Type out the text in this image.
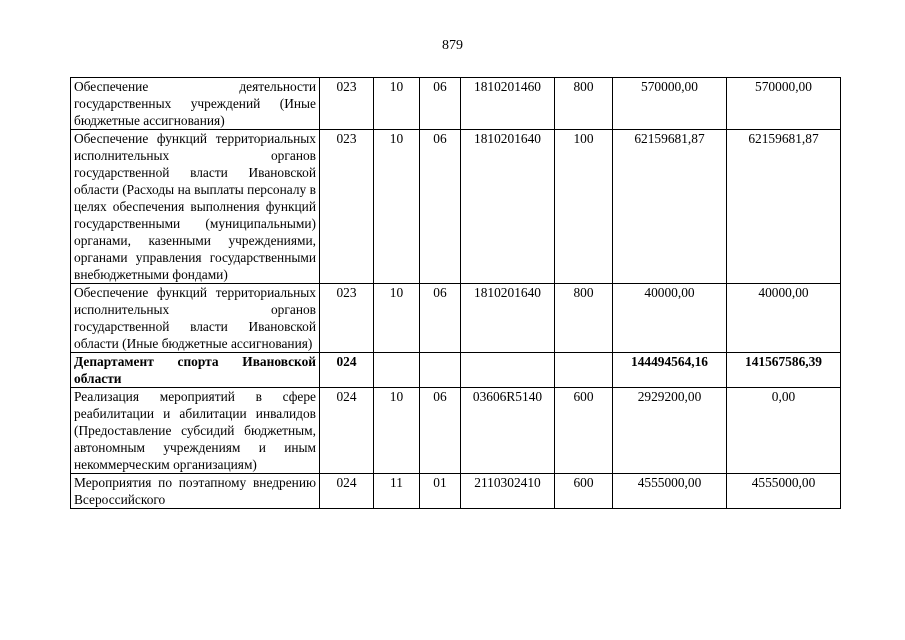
879
Обеспечение деятельности государственных учреждений (Иные бюджетные ассигнования)	023	10	06	1810201460	800	570000,00	570000,00
Обеспечение функций территориальных исполнительных органов государственной власти Ивановской области (Расходы на выплаты персоналу в целях обеспечения выполнения функций государственными (муниципальными) органами, казенными учреждениями, органами управления государственными внебюджетными фондами)	023	10	06	1810201640	100	62159681,87	62159681,87
Обеспечение функций территориальных исполнительных органов государственной власти Ивановской области (Иные бюджетные ассигнования)	023	10	06	1810201640	800	40000,00	40000,00
Департамент спорта Ивановской области	024					144494564,16	141567586,39
Реализация мероприятий в сфере реабилитации и абилитации инвалидов (Предоставление субсидий бюджетным, автономным учреждениям и иным некоммерческим организациям)	024	10	06	03606R5140	600	2929200,00	0,00
Мероприятия по поэтапному внедрению Всероссийского	024	11	01	2110302410	600	4555000,00	4555000,00
